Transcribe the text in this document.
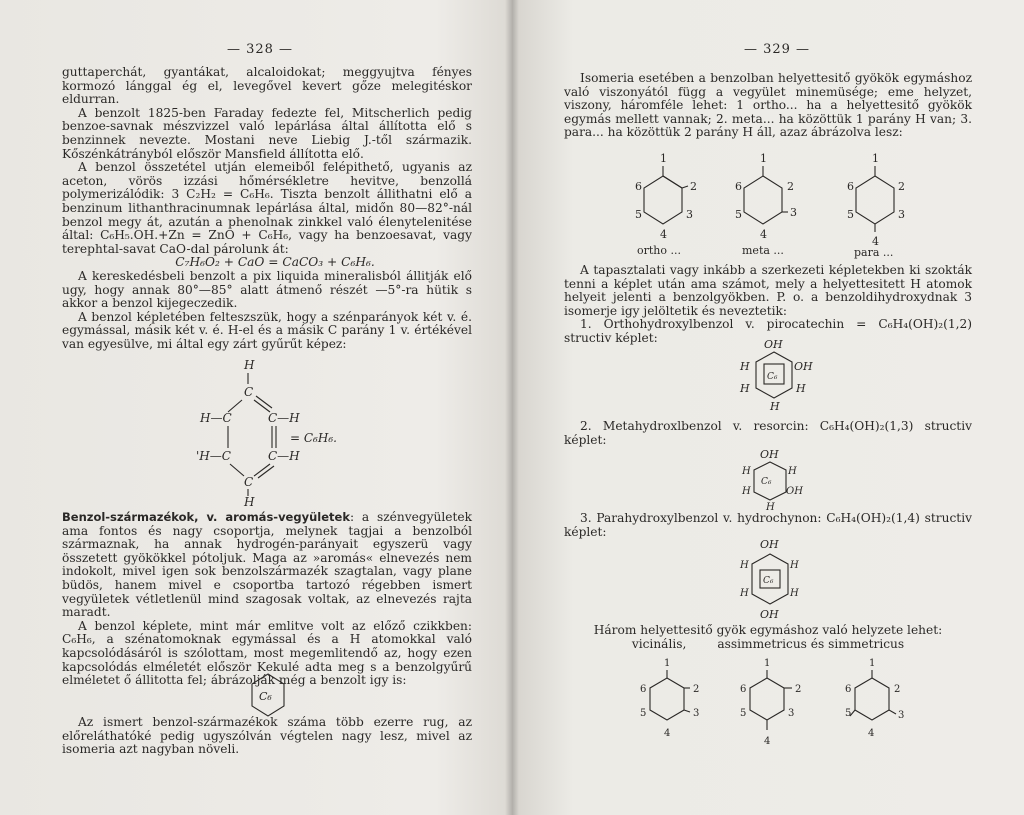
— 328 —

guttaperchát, gyantákat, alcaloidokat; meggyujtva fényes kormozó lánggal ég el, levegővel kevert gőze melegitéskor eldurran.

A benzolt 1825-ben Faraday fedezte fel, Mitscherlich pedig benzoe-savnak mészvizzel való lepárlása által állította elő s benzinnek nevezte. Mostani neve Liebig J.-től származik. Kőszénkátrányból először Mansfield állította elő.

A benzol összetétel utján elemeiből felépithető, ugyanis az aceton, vörös izzási hőmérsékletre hevitve, benzollá polymerizálódik: 3 C₂H₂ = C₆H₆. Tiszta benzolt állithatni elő a benzinum lithanthracinumnak lepárlása által, midőn 80—82°-nál benzol megy át, azután a phenolnak zinkkel való élenytelenitése által: C₆H₅.OH.+Zn = ZnO + C₆H₆, vagy ha benzoesavat, vagy terephtal-savat CaO-dal párolunk át:

C₇H₆O₂ + CaO = CaCO₃ + C₆H₆.

A kereskedésbeli benzolt a pix liquida mineralisból állitják elő ugy, hogy annak 80°—85° alatt átmenő részét —5°-ra hütik s akkor a benzol kijegeczedik.

A benzol képletében felteszszük, hogy a szénparányok két v. é. egymással, másik két v. é. H-el és a másik C parány 1 v. értékével van egyesülve, mi által egy zárt gyűrűt képez:

H
C
H—C	C—H
= C₆H₆.
'H—C	C—H
C
H

Benzol-származékok, v. aromás-vegyületek: a szénvegyületek ama fontos és nagy csoportja, melynek tagjai a benzolból származnak, ha annak hydrogén-parányait egyszerü vagy összetett gyökökkel pótoljuk. Maga az »aromás« elnevezés nem indokolt, mivel igen sok benzolszármazék szagtalan, vagy plane büdös, hanem mivel e csoportba tartozó régebben ismert vegyületek vétletlenül mind szagosak voltak, az elnevezés rajta maradt.

A benzol képlete, mint már emlitve volt az előző czikkben: C₆H₆, a szénatomoknak egymással és a H atomokkal való kapcsolódásáról is szólottam, most megemlitendő az, hogy ezen kapcsolódás elméletét először Kekulé adta meg s a benzolgyűrű elméletet ő állitotta fel; ábrázolják még a benzolt igy is:

C₆

Az ismert benzol-származékok száma több ezerre rug, az előreláthatóké pedig ugyszólván végtelen nagy lesz, mivel az isomeria azt nagyban növeli.

— 329 —

Isomeria esetében a benzolban helyettesitő gyökök egymáshoz való viszonyától függ a vegyület minemüsége; eme helyzet, viszony, háromféle lehet: 1 ortho... ha a helyettesitő gyökök egymás mellett vannak; 2. meta... ha közöttük 1 parány H van; 3. para... ha közöttük 2 parány H áll, azaz ábrázolva lesz:

1
6	2
5	3
4
ortho ...
1
6	2
5	3
4
meta ...
1
6	2
5	3
4
para ...

A tapasztalati vagy inkább a szerkezeti képletekben ki szokták tenni a képlet után ama számot, mely a helyettesitett H atomok helyeit jelenti a benzolgyökben. P. o. a benzoldihydroxydnak 3 isomerje igy jelöltetik és neveztetik:

1. Orthohydroxylbenzol v. pirocatechin = C₆H₄(OH)₂(1,2) structiv képlet:	OH
H	OH
C₆
H	H
H

2. Metahydroxlbenzol v. resorcin: C₆H₄(OH)₂(1,3) structiv képlet:

OH
H	H
C₆
H	OH
H

3. Parahydroxylbenzol v. hydrochynon: C₆H₄(OH)₂(1,4) structiv képlet:

OH
H	H
C₆
H	H
OH

Három helyettesitő gyök egymáshoz való helyzete lehet:

vicinális,        assimmetricus és simmetricus

1
6	2
5	3
4
1
6	2
5	3
4
1
6	2
5	3
4
